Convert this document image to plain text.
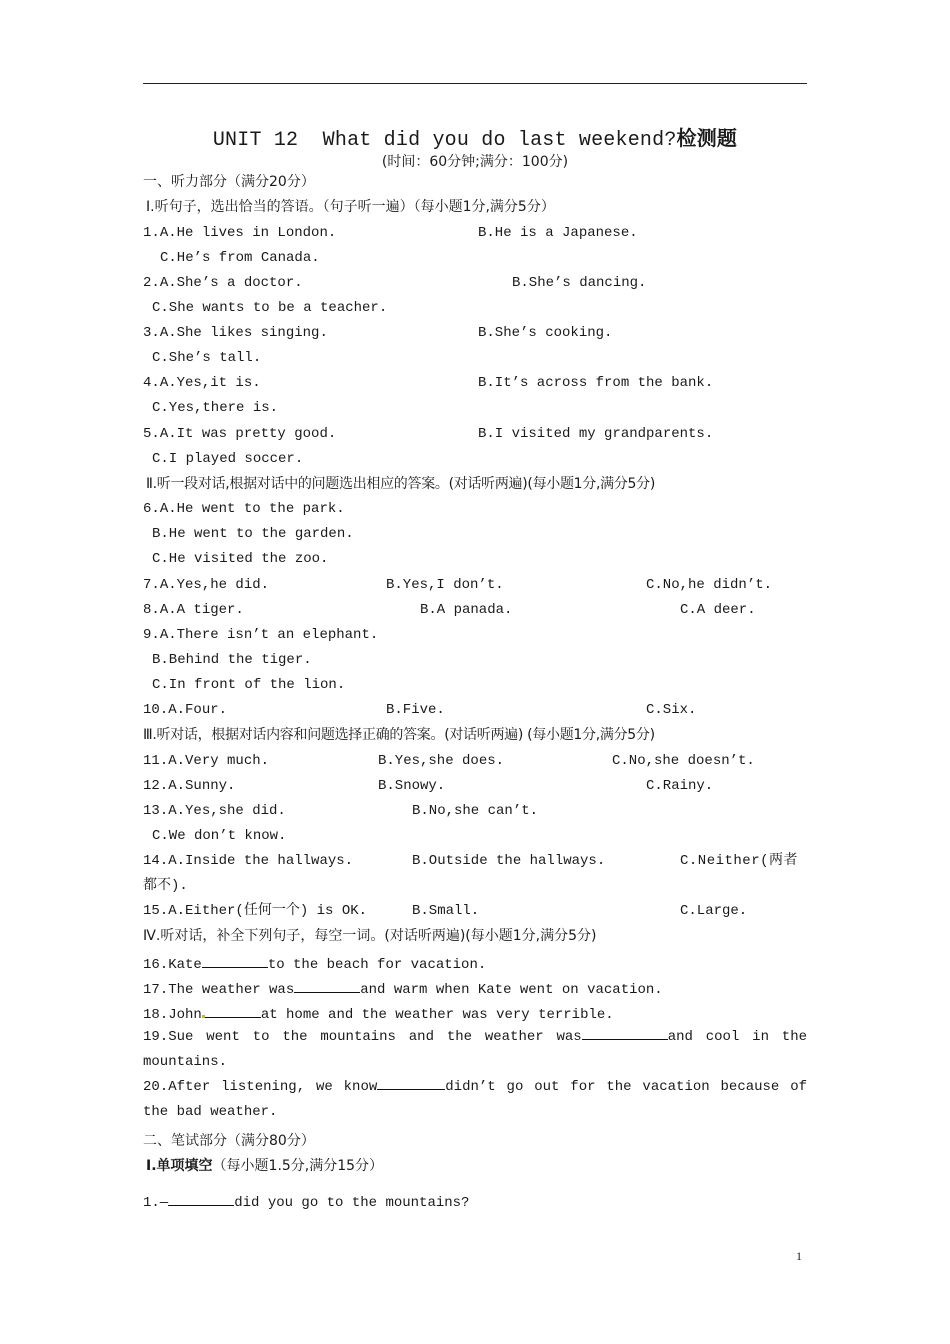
UNIT 12  What did you do last weekend?检测题
(时间：60分钟;满分：100分)
一、听力部分（满分20分）
Ⅰ.听句子，选出恰当的答语。（句子听一遍）（每小题1分,满分5分）
1.A.He lives in London.	B.He is a Japanese.
C.He’s from Canada.
2.A.She’s a doctor.	B.She’s dancing.
C.She wants to be a teacher.
3.A.She likes singing.	B.She’s cooking.
C.She’s tall.
4.A.Yes,it is.	B.It’s across from the bank.
C.Yes,there is.
5.A.It was pretty good.	B.I visited my grandparents.
C.I played soccer.
Ⅱ.听一段对话,根据对话中的问题选出相应的答案。(对话听两遍)(每小题1分,满分5分)
6.A.He went to the park.
B.He went to the garden.
C.He visited the zoo.
7.A.Yes,he did.	B.Yes,I don’t.	C.No,he didn’t.
8.A.A tiger.	B.A panada.	C.A deer.
9.A.There isn’t an elephant.
B.Behind the tiger.
C.In front of the lion.
10.A.Four.	B.Five.	C.Six.
Ⅲ.听对话，根据对话内容和问题选择正确的答案。(对话听两遍) (每小题1分,满分5分)
11.A.Very much.	B.Yes,she does.	C.No,she doesn’t.
12.A.Sunny.	B.Snowy.	C.Rainy.
13.A.Yes,she did.	B.No,she can’t.
C.We don’t know.
14.A.Inside the hallways.	B.Outside the hallways.	C.Neither(两者
都不).
15.A.Either(任何一个) is OK.	B.Small.	C.Large.
Ⅳ.听对话，补全下列句子，每空一词。(对话听两遍)(每小题1分,满分5分)
16.Kate	to the beach for vacation.
17.The weather was	and warm when Kate went on vacation.
18.John	at home and the weather was very terrible.
19.Sue went to the mountains and the weather was	and cool in the mountains.
20.After listening, we know	didn’t go out for the vacation because of the bad weather.
二、笔试部分（满分80分）
Ⅰ.单项填空（每小题1.5分,满分15分）
1.—	did you go to the mountains?
1
